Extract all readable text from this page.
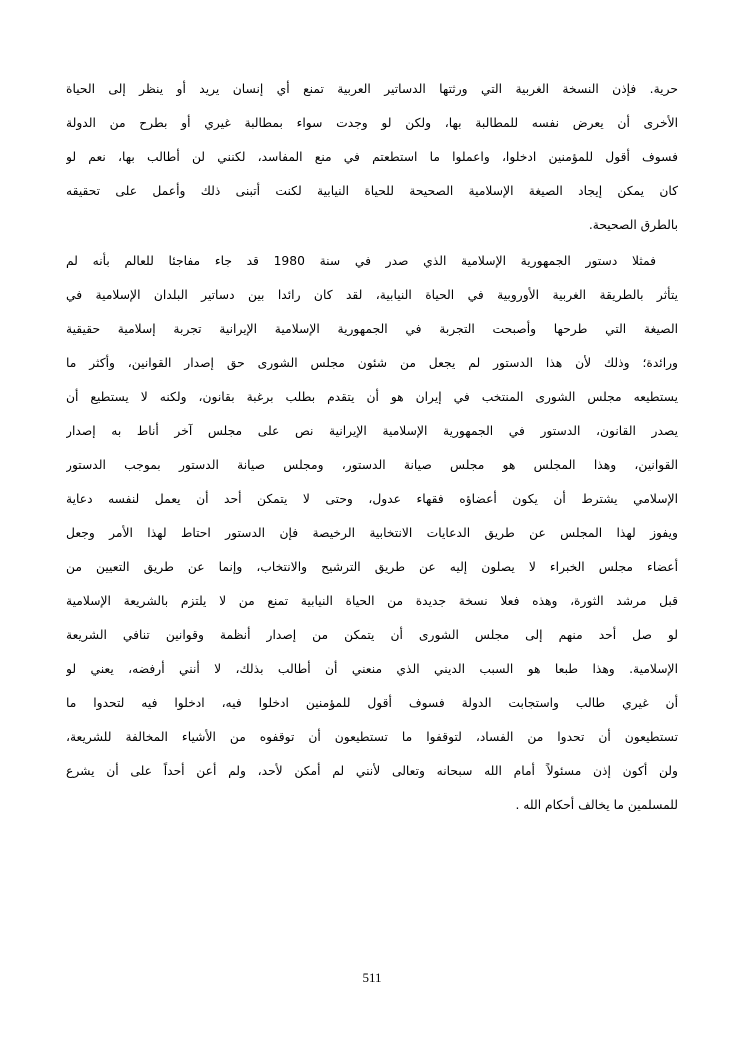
حرية. فإذن النسخة الغربية التي ورثتها الدساتير العربية تمنع أي إنسان يريد أو ينظر إلى الحياة
الأخرى أن يعرض نفسه للمطالبة بها، ولكن لو وجدت سواء بمطالبة غيري أو بطرح من الدولة
فسوف أقول للمؤمنين ادخلوا، واعملوا ما استطعتم في منع المفاسد، لكنني لن أطالب بها، نعم لو
كان يمكن إيجاد الصيغة الإسلامية الصحيحة للحياة النيابية لكنت أتبنى ذلك وأعمل على تحقيقه
بالطرق الصحيحة.
فمثلا دستور الجمهورية الإسلامية الذي صدر في سنة 1980 قد جاء مفاجئا للعالم بأنه لم
يتأثر بالطريقة الغربية الأوروبية في الحياة النيابية، لقد كان رائدا بين دساتير البلدان الإسلامية في
الصيغة التي طرحها وأصبحت التجربة في الجمهورية الإسلامية الإيرانية تجربة إسلامية حقيقية
ورائدة؛ وذلك لأن هذا الدستور لم يجعل من شئون مجلس الشورى حق إصدار القوانين، وأكثر ما
يستطيعه مجلس الشورى المنتخب في إيران هو أن يتقدم بطلب برغبة بقانون، ولكنه لا يستطيع أن
يصدر القانون، الدستور في الجمهورية الإسلامية الإيرانية نص على مجلس آخر أناط به إصدار
القوانين، وهذا المجلس هو مجلس صيانة الدستور، ومجلس صيانة الدستور بموجب الدستور
الإسلامي يشترط أن يكون أعضاؤه فقهاء عدول، وحتى لا يتمكن أحد أن يعمل لنفسه دعاية
ويفوز لهذا المجلس عن طريق الدعايات الانتخابية الرخيصة فإن الدستور احتاط لهذا الأمر وجعل
أعضاء مجلس الخبراء لا يصلون إليه عن طريق الترشيح والانتخاب، وإنما عن طريق التعيين من
قبل مرشد الثورة، وهذه فعلا نسخة جديدة من الحياة النيابية تمنع من لا يلتزم بالشريعة الإسلامية
لو صل أحد منهم إلى مجلس الشورى أن يتمكن من إصدار أنظمة وقوانين تنافي الشريعة
الإسلامية. وهذا طبعا هو السبب الديني الذي منعني أن أطالب بذلك، لا أنني أرفضه، يعني لو
أن غيري طالب واستجابت الدولة فسوف أقول للمؤمنين ادخلوا فيه، ادخلوا فيه لتحدوا ما
تستطيعون أن تحدوا من الفساد، لتوقفوا ما تستطيعون أن توقفوه من الأشياء المخالفة للشريعة،
ولن أكون إذن مسئولاً أمام الله سبحانه وتعالى لأنني لم أمكن لأحد، ولم أعن أحداً على أن يشرع
للمسلمين ما يخالف أحكام الله .
511
